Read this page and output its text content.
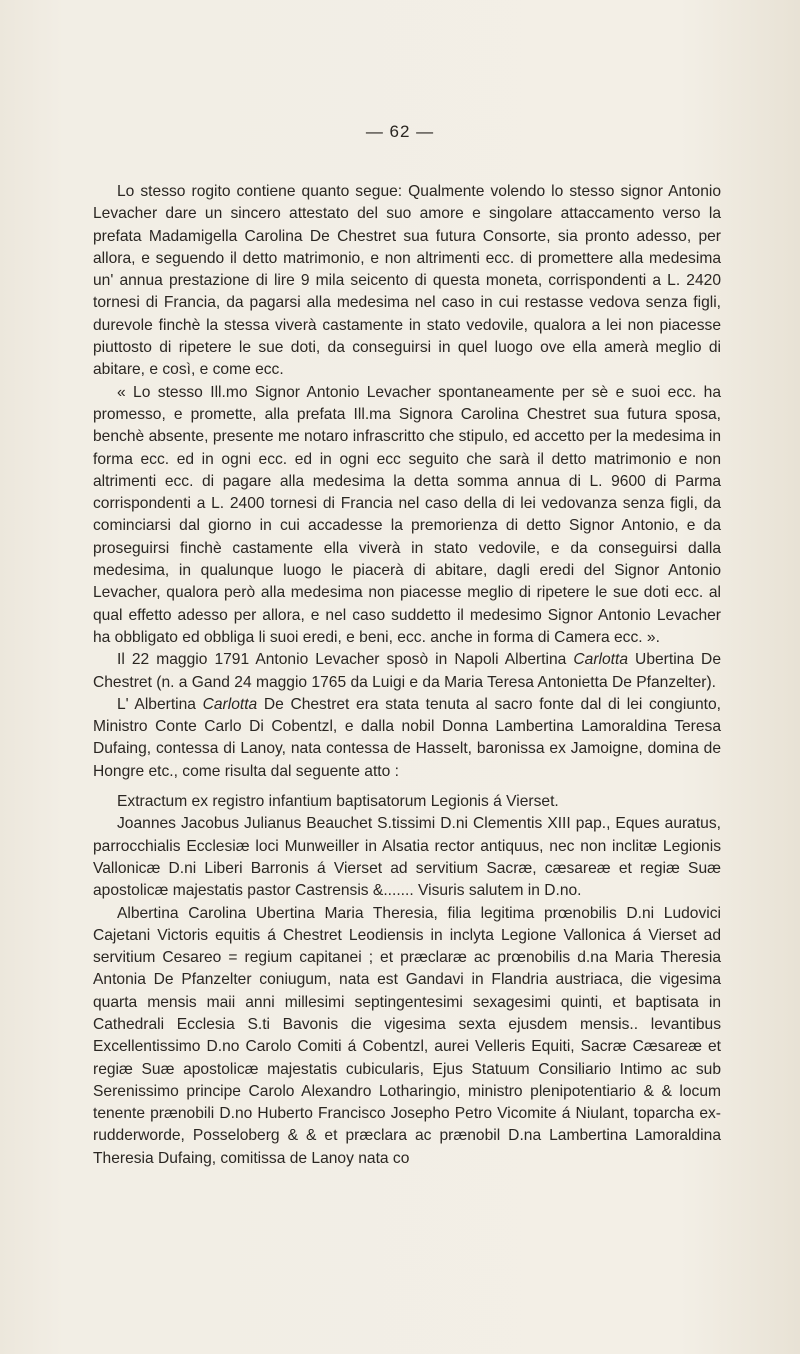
— 62 —

Lo stesso rogito contiene quanto segue: Qualmente volendo lo stesso signor Antonio Levacher dare un sincero attestato del suo amore e singolare attaccamento verso la prefata Madamigella Carolina De Chestret sua futura Consorte, sia pronto adesso, per allora, e seguendo il detto matrimonio, e non altrimenti ecc. di promettere alla medesima un' annua prestazione di lire 9 mila seicento di questa moneta, corrispondenti a L. 2420 tornesi di Francia, da pagarsi alla medesima nel caso in cui restasse vedova senza figli, durevole finchè la stessa viverà castamente in stato vedovile, qualora a lei non piacesse piuttosto di ripetere le sue doti, da conseguirsi in quel luogo ove ella amerà meglio di abitare, e così, e come ecc.

« Lo stesso Ill.mo Signor Antonio Levacher spontaneamente per sè e suoi ecc. ha promesso, e promette, alla prefata Ill.ma Signora Carolina Chestret sua futura sposa, benchè absente, presente me notaro infrascritto che stipulo, ed accetto per la medesima in forma ecc. ed in ogni ecc. ed in ogni ecc seguito che sarà il detto matrimonio e non altrimenti ecc. di pagare alla medesima la detta somma annua di L. 9600 di Parma corrispondenti a L. 2400 tornesi di Francia nel caso della di lei vedovanza senza figli, da cominciarsi dal giorno in cui accadesse la premorienza di detto Signor Antonio, e da proseguirsi finchè castamente ella viverà in stato vedovile, e da conseguirsi dalla medesima, in qualunque luogo le piacerà di abitare, dagli eredi del Signor Antonio Levacher, qualora però alla medesima non piacesse meglio di ripetere le sue doti ecc. al qual effetto adesso per allora, e nel caso suddetto il medesimo Signor Antonio Levacher ha obbligato ed obbliga li suoi eredi, e beni, ecc. anche in forma di Camera ecc. ».

Il 22 maggio 1791 Antonio Levacher sposò in Napoli Albertina Carlotta Ubertina De Chestret (n. a Gand 24 maggio 1765 da Luigi e da Maria Teresa Antonietta De Pfanzelter).

L' Albertina Carlotta De Chestret era stata tenuta al sacro fonte dal di lei congiunto, Ministro Conte Carlo Di Cobentzl, e dalla nobil Donna Lambertina Lamoraldina Teresa Dufaing, contessa di Lanoy, nata contessa de Hasselt, baronissa ex Jamoigne, domina de Hongre etc., come risulta dal seguente atto :

Extractum ex registro infantium baptisatorum Legionis á Vierset.

Joannes Jacobus Julianus Beauchet S.tissimi D.ni Clementis XIII pap., Eques auratus, parrocchialis Ecclesiæ loci Munweiller in Alsatia rector antiquus, nec non inclitæ Legionis Vallonicæ D.ni Liberi Barronis á Vierset ad servitium Sacræ, cæsareæ et regiæ Suæ apostolicæ majestatis pastor Castrensis &....... Visuris salutem in D.no.

Albertina Carolina Ubertina Maria Theresia, filia legitima prœnobilis D.ni Ludovici Cajetani Victoris equitis á Chestret Leodiensis in inclyta Legione Vallonica á Vierset ad servitium Cesareo = regium capitanei ; et præclaræ ac prœnobilis d.na Maria Theresia Antonia De Pfanzelter coniugum, nata est Gandavi in Flandria austriaca, die vigesima quarta mensis maii anni millesimi septingentesimi sexagesimi quinti, et baptisata in Cathedrali Ecclesia S.ti Bavonis die vigesima sexta ejusdem mensis.. levantibus Excellentissimo D.no Carolo Comiti á Cobentzl, aurei Velleris Equiti, Sacræ Cæsareæ et regiæ Suæ apostolicæ majestatis cubicularis, Ejus Statuum Consiliario Intimo ac sub Serenissimo principe Carolo Alexandro Lotharingio, ministro plenipotentiario & & locum tenente prænobili D.no Huberto Francisco Josepho Petro Vicomite á Niulant, toparcha ex-rudderworde, Posseloberg & & et præclara ac prænobil D.na Lambertina Lamoraldina Theresia Dufaing, comitissa de Lanoy nata co
